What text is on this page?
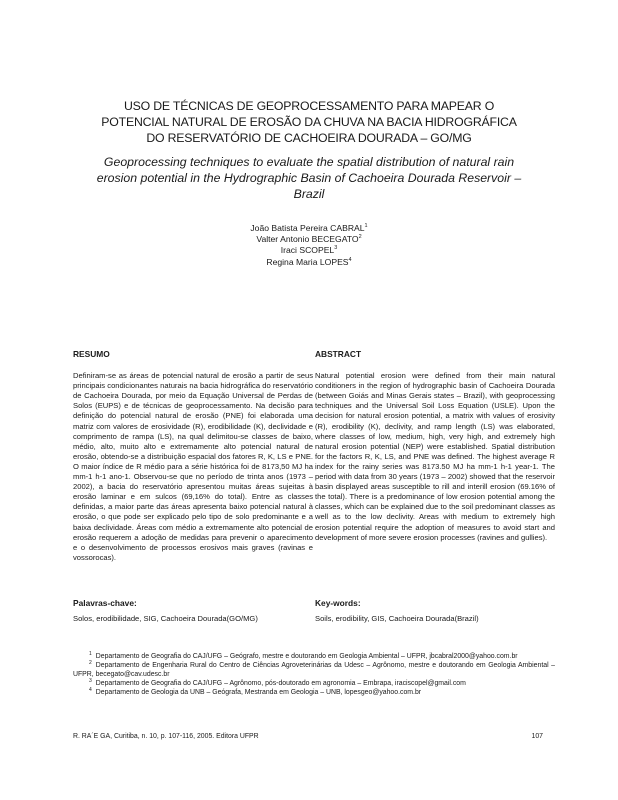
USO DE TÉCNICAS DE GEOPROCESSAMENTO PARA MAPEAR O
POTENCIAL NATURAL DE EROSÃO DA CHUVA NA BACIA HIDROGRÁFICA
DO RESERVATÓRIO DE CACHOEIRA DOURADA – GO/MG
Geoprocessing techniques to evaluate the spatial distribution of natural rain
erosion potential in the Hydrographic Basin of Cachoeira Dourada Reservoir –
Brazil
João Batista Pereira CABRAL$^1$
Valter Antonio BECEGATO$^2$
Iraci SCOPEL$^3$
Regina Maria LOPES$^4$
RESUMO

Definiram-se as áreas de potencial natural de erosão a partir de seus principais condicionantes naturais na bacia hidrográfica do reservatório de Cachoeira Dourada, por meio da Equação Universal de Perdas de Solos (EUPS) e de técnicas de geoprocessamento. Na decisão para definição do potencial natural de erosão (PNE) foi elaborada uma matriz com valores de erosividade (R), erodibilidade (K), declividade e comprimento de rampa (LS), na qual delimitou-se classes de baixo, médio, alto, muito alto e extremamente alto potencial natural de erosão, obtendo-se a distribuição espacial dos fatores R, K, LS e PNE. O maior índice de R médio para a série histórica foi de 8173,50 MJ ha mm-1 h-1 ano-1. Observou-se que no período de trinta anos (1973 – 2002), a bacia do reservatório apresentou muitas áreas sujeitas à erosão laminar e em sulcos (69,16% do total). Entre as classes definidas, a maior parte das áreas apresenta baixo potencial natural à erosão, o que pode ser explicado pelo tipo de solo predominante e a baixa declividade. Áreas com médio a extremamente alto potencial de erosão requerem a adoção de medidas para prevenir o aparecimento e o desenvolvimento de processos erosivos mais graves (ravinas e vossorocas).

ABSTRACT

Natural potential erosion were defined from their main natural conditioners in the region of hydrographic basin of Cachoeira Dourada (between Goiás and Minas Gerais states – Brazil), with geoprocessing techniques and the Universal Soil Loss Equation (USLE). Upon the decision for natural erosion potential, a matrix with values of erosivity (R), erodibility (K), declivity, and ramp length (LS) was elaborated, where classes of low, medium, high, very high, and extremely high natural erosion potential (NEP) were established. Spatial distribution for the factors R, K, LS, and PNE was defined. The highest average R index for the rainy series was 8173.50 MJ ha mm-1 h-1 year-1. The period with data from 30 years (1973 – 2002) showed that the reservoir basin displayed areas susceptible to rill and interill erosion (69.16% of the total). There is a predominance of low erosion potential among the classes, which can be explained due to the soil predominant classes as well as to the low declivity. Areas with medium to extremely high erosion potential require the adoption of measures to avoid start and development of more severe erosion processes (ravines and gullies).

Palavras-chave:
Solos, erodibilidade, SIG, Cachoeira Dourada(GO/MG)
Key-words:
Soils, erodibility, GIS, Cachoeira Dourada(Brazil)

$^1$ Departamento de Geografia do CAJ/UFG – Geógrafo, mestre e doutorando em Geologia Ambiental – UFPR, jbcabral2000@yahoo.com.br

$^2$ Departamento de Engenharia Rural do Centro de Ciências Agroveterinárias da Udesc – Agrônomo, mestre e doutorando em Geologia Ambiental – UFPR, becegato@cav.udesc.br

$^3$ Departamento de Geografia do CAJ/UFG – Agrônomo, pós-doutorado em agronomia – Embrapa, iraciscopel@gmail.com

$^4$ Departamento de Geologia da UNB – Geógrafa, Mestranda em Geologia – UNB, lopesgeo@yahoo.com.br

R. RA´E GA, Curitiba, n. 10, p. 107-116, 2005. Editora UFPR	107
